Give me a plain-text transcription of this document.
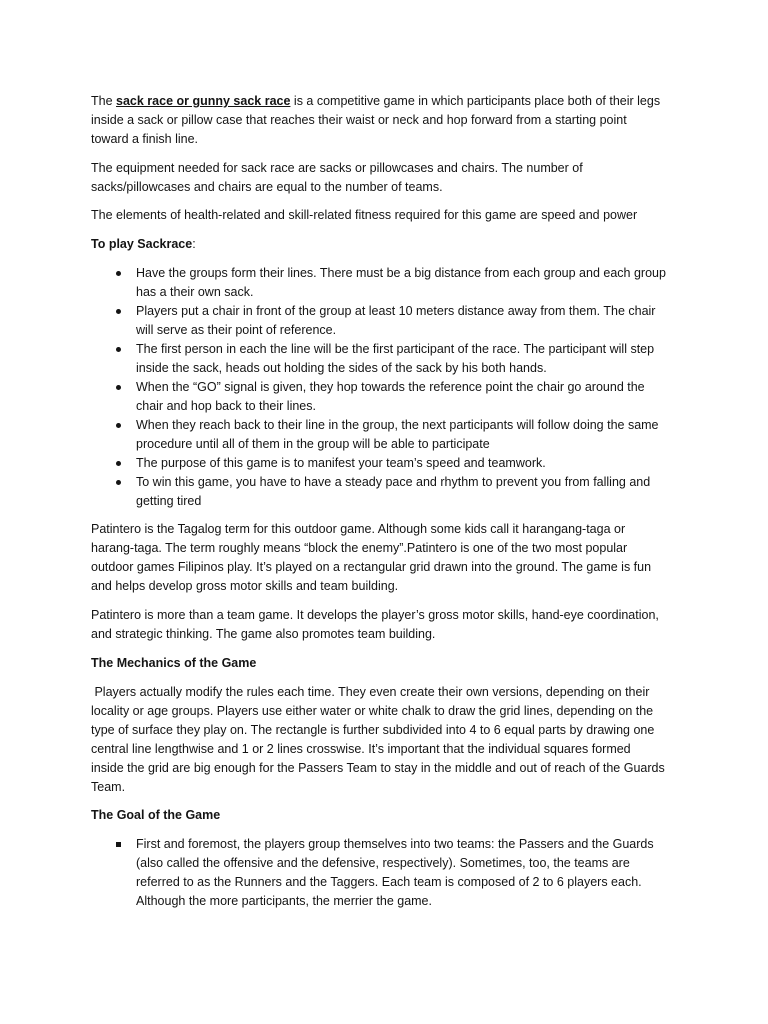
The sack race or gunny sack race is a competitive game in which participants place both of their legs
inside a sack or pillow case that reaches their waist or neck and hop forward from a starting point
toward a finish line.
The equipment needed for sack race are sacks or pillowcases and chairs. The number of
sacks/pillowcases and chairs are equal to the number of teams.
The elements of health-related and skill-related fitness required for this game are speed and power
To play Sackrace:
Have the groups form their lines. There must be a big distance from each group and each group
has a their own sack.
Players put a chair in front of the group at least 10 meters distance away from them. The chair
will serve as their point of reference.
The first person in each the line will be the first participant of the race. The participant will step
inside the sack, heads out holding the sides of the sack by his both hands.
When the “GO” signal is given, they hop towards the reference point the chair go around the
chair and hop back to their lines.
When they reach back to their line in the group, the next participants will follow doing the same
procedure until all of them in the group will be able to participate
The purpose of this game is to manifest your team’s speed and teamwork.
To win this game, you have to have a steady pace and rhythm to prevent you from falling and
getting tired
Patintero is the Tagalog term for this outdoor game. Although some kids call it harangang-taga or
harang-taga. The term roughly means “block the enemy”.Patintero is one of the two most popular
outdoor games Filipinos play. It’s played on a rectangular grid drawn into the ground. The game is fun
and helps develop gross motor skills and team building.
Patintero is more than a team game. It develops the player’s gross motor skills, hand-eye coordination,
and strategic thinking. The game also promotes team building.
The Mechanics of the Game
Players actually modify the rules each time. They even create their own versions, depending on their
locality or age groups. Players use either water or white chalk to draw the grid lines, depending on the
type of surface they play on. The rectangle is further subdivided into 4 to 6 equal parts by drawing one
central line lengthwise and 1 or 2 lines crosswise. It’s important that the individual squares formed
inside the grid are big enough for the Passers Team to stay in the middle and out of reach of the Guards
Team.
The Goal of the Game
First and foremost, the players group themselves into two teams: the Passers and the Guards
(also called the offensive and the defensive, respectively). Sometimes, too, the teams are
referred to as the Runners and the Taggers. Each team is composed of 2 to 6 players each.
Although the more participants, the merrier the game.
